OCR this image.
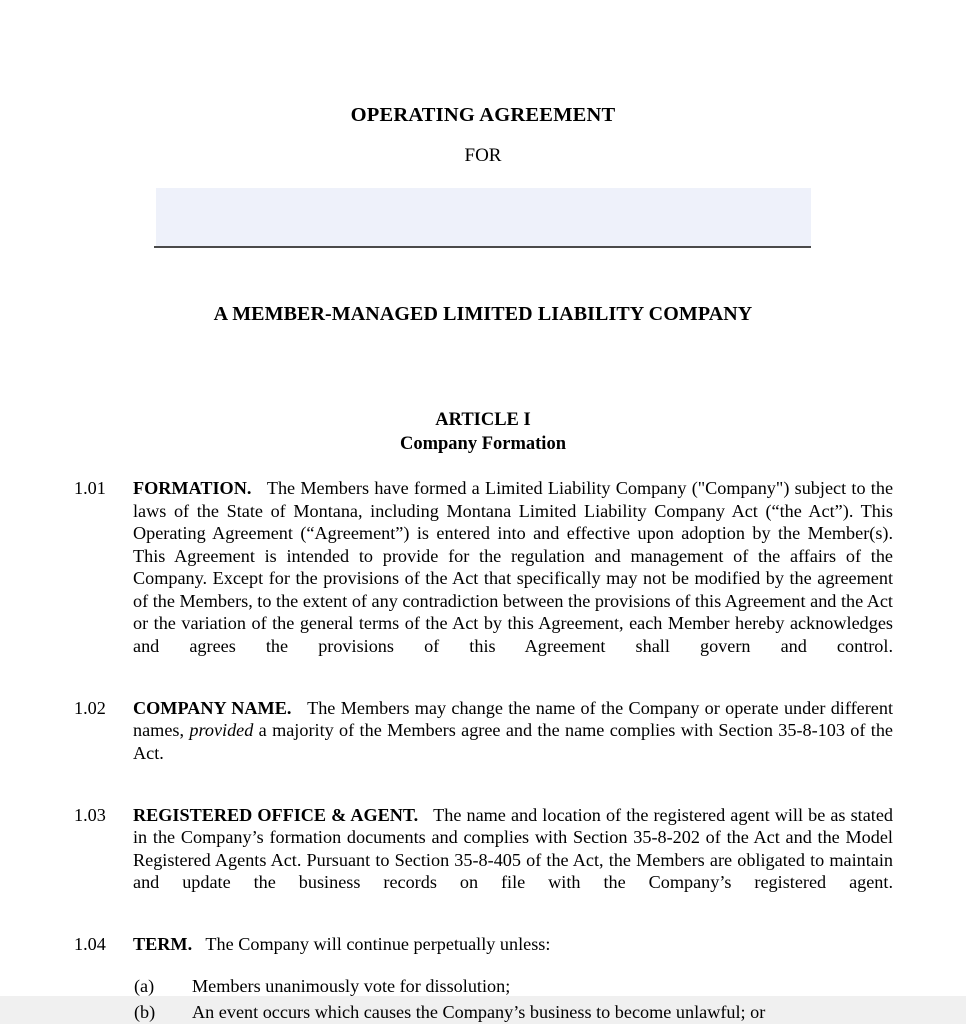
OPERATING AGREEMENT
FOR
A MEMBER-MANAGED LIMITED LIABILITY COMPANY
ARTICLE I
Company Formation
1.01 FORMATION. The Members have formed a Limited Liability Company ("Company") subject to the laws of the State of Montana, including Montana Limited Liability Company Act (“the Act”). This Operating Agreement (“Agreement”) is entered into and effective upon adoption by the Member(s). This Agreement is intended to provide for the regulation and management of the affairs of the Company. Except for the provisions of the Act that specifically may not be modified by the agreement of the Members, to the extent of any contradiction between the provisions of this Agreement and the Act or the variation of the general terms of the Act by this Agreement, each Member hereby acknowledges and agrees the provisions of this Agreement shall govern and control.
1.02 COMPANY NAME. The Members may change the name of the Company or operate under different names, provided a majority of the Members agree and the name complies with Section 35-8-103 of the Act.
1.03 REGISTERED OFFICE & AGENT. The name and location of the registered agent will be as stated in the Company’s formation documents and complies with Section 35-8-202 of the Act and the Model Registered Agents Act. Pursuant to Section 35-8-405 of the Act, the Members are obligated to maintain and update the business records on file with the Company’s registered agent.
1.04 TERM. The Company will continue perpetually unless:
(a) Members unanimously vote for dissolution;
(b) An event occurs which causes the Company’s business to become unlawful; or
